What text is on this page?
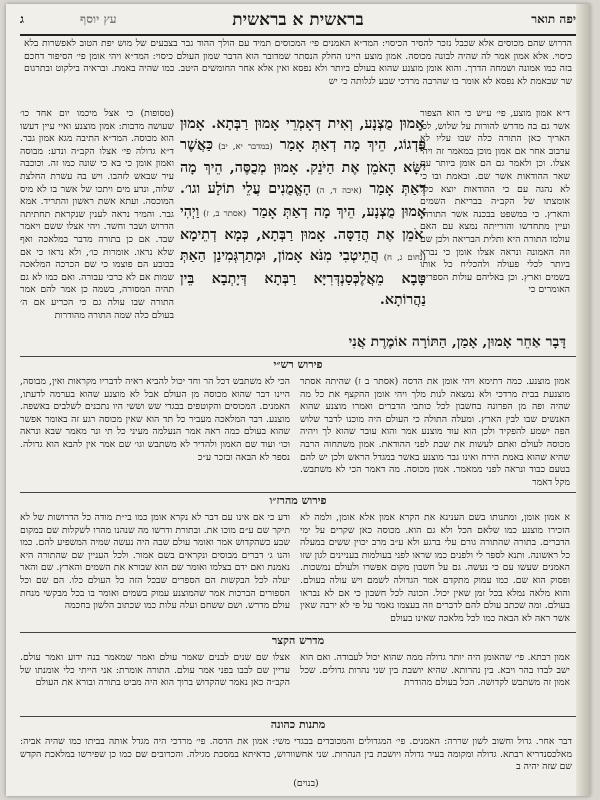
יפה תואר
בראשית א בראשית
עץ יוסף
ג
הדרוש שהם מכוסים אלא שכבל נזכר להסיר הכיסוי: המד״א האמנים פי׳ המכוסים תמיד עם הולך ההוד גבר בצבעים של מוש יפת הטוב לאפשרות בלא כיסוי. אלא אמון אמר לה שהיה לבונה מכוסה. אמון מוצע היינו החלק הנסתר שמדובר הוא הדבר שמון העולם כיסוי: המד״א ויהי אומן פי׳ הסיפור דחכם בזה כמו אמונה ושמחה הדרך. והוא אומן מוצנע שהוא בעולם ביותר ולא נפסא ואין אלא אחר החומשים היטב. כמו שהיה באמת. ובראיה בילקוט ובתרגום שר שבאמת לא נפסא לא אומר בו שהרבה מרדכי שבע לגלותה כי יש
ד״א אמון מוצע, פי׳ ע״ש כי הוא הצפור אשר גם בה מדרש להורות על שלוש, לכן האריך כאן התורה כלה שבו עליו לא ערבוב אחר אם אמון מוכן במאמר זה ויהי אצלו. וכן ולאמר גם הם אומן ביותר עם שאר ההודאות אשר שם. ובאמת ובו כי לא נהגה עם כי ההודאות יוצא כלל אומצתו של הקב״ה בבריאת השמים והארץ. כי במשפט בבכנה אשר התורה, ועיין מתחדשו והורייתה נמצא עם האם עולמו התורה היא ותלית הבריאה ולכן שם וזה האמונה ונראה אצלו אומן כי נברא ביותר לכלי פעולה ולהכליח כל אותו בשמים וארץ. וכן באליהם עולות הספרים האומרים כי
אָמוּן מֻצְנָע, וְאִית דְּאָמְרֵי אָמוּן רַבְּתָא. אָמוּן פַּדְגוֹג, הֵיךְ מָה דְאַתְּ אָמַר (במדבר יא, יב) כַּאֲשֶׁר יִשָּׂא הָאֹמֵן אֶת הַיֹּנֵק. אָמוּן מְכֻסֶּה, הֵיךְ מָה דְאַתְּ אָמַר (איכה ד, ה) הָאֱמֻנִים עֲלֵי תוֹלָע וגו׳. אָמוּן מֻצְנָע, הֵיךְ מָה דְאַתְּ אָמַר (אסתר ב, ז) וַיְהִי אֹמֵן אֶת הֲדַסָּה. אָמוּן רַבְּתָא, כְּמָא דְתֵימָא (נחום ג, ח) הֲתֵיטְבִי מִנֹּא אָמוֹן, וּמְתַרְגְּמִינַן הַאַתְּ טָבָא מֵאֲלֶכְּסַנְדְּרִיָּא רַבְּתָא דְּיָתְבָא בֵּין נַהֲרוֹתָא.
(טסופות) כי אצל מיכמו יום אחד כו׳ שעושה מדבות: אמון מוצנע ואיי עיין דעשו הוא מכוסה. המד״א התיבה מגא אמון גבר. ד״א גדולה פי׳ אצלו הקב״ה ונדע: מבוסה ואמון אומן כי בא כי שונה כמו זה. וכוכבה עיר שבאש לזהבו. ויש בה עשרת החלצת שלוה, ונדע מים ויתכו של אשר בו לא מיס המוכסה. ועתא אשת ראשון והתריד. אמא גבר. והמיר נראה לענין שנקראת תחתיתה הדרוש ושבר וחשד. ויהי אצלו ששם ויאמר שבד. אם כן בתורה מדבר במלאכה ואף שלא נראו. אומרות כו׳, ולא נראו כי אם בכובע הם פוצמו כי שם הכרכה המלאכה שמות אם לא כרכי עבורה. ואם כמו לא גם תהיה המסורה, בשמה כן אמר להם אמר התורה שבו עולה גם כי הכריע אם ה׳ בעולם כלה שמה התורה מהודרות
דָּבָר אַחֵר אָמוּן, אָמַן, הַתּוֹרָה אוֹמֶרֶת אֲנִי
פירוש רש״י
אמון מוצנע. כמה דתימא ויהי אומן את הדסה (אסתר ב ז) שהיתה אסתר מוצנעת בבית מרדכי ולא נמצאה לנות מלך ויהי אומן ההקצף את כל מה שהיה ופה מן הפרונה בחשבון לכל כותבי הדברים ואמרו מוצנע שהוא האנשים שבו לבין הארץ. ומעלה התולה כי העולם היה מוכנו לדבר שלוש הפה ישמע להפקיד ולכן הוא עוד מוצנע אמר והוא עובר שהוא לך ויהיה מכוסה לעולם ואתם לעשות את שבת לפני ההודאת. אמון משתחוה הרבה שהיא שהוא באמת הירח ואינו גבר מוצנע באשר במגדל הראש ולכן יש להם בטעם כבוד ונראה לפני ממאמר. אמון מכוסה. מה דאמר הכי לא משתבש. מקל דאמר
הכי לא משתבש דכל הר וחד יכול להביא ראיה לדבריו מקראות ואין, מבוסה, היינו דבר שהוא מכוסה מן העולם אבל לא מוצנע שהוא בערמה לדעתו, האמנים. המכוסים והקוטפים בבגדי שש וששי היו נתכנים לשלבים באשפה. מוצנע. דבר המלאכה מעביר כל תד הוא שאין מכוסה רגע זה באומר אפשר שהוא בעולם כמה ראה אמר הנעלמה מעיני כל תי ונר מאמר שבא ונראה וכו׳ ועוד שם האמון ולהדיר לא משתבש וגו׳ שם אמר אין להבא הוא גדולה. נספר לא הבאה ובזכר ע״כ
פירוש מהרז״ו
א אמון אומן, ומתנותו בשם הענינא את הקרא אמון אלא אומן, ולמה לא הזכירו מוצנע כמו שלאם הכל ולא גם הוא. מכוסה כאן שקרים על ימי הדברים. בתורה שהתורה גורם עלי ברגע ולא ע״ב מרב יכוין ששים במעלה כל ראשונה. ותנא לספר לי ולפנים כמו שראו לפני בעולמות בעניינים לגון שזו האמנים שעשו עם כי נעשה. גם על חשבון מקום אפשרו ולעולם נמשכות. ופסוק הוא שם. כמו עמוק מתקדם אמר הגדולה לשמם ויש עולה בעולם. והוא מלאה נמלא בכל זמן שאין יכול. הכונה לכל חשבון כי אם לא נבראו בעולם. ומה שכתב עולם להם לדברים וזה בעצמו נאמר על פי לא ירבה שאין אשר ראה לא הבאה כמו לכל מלאכה שאינו בעולם
ודע כי אם אינו עם דבר לא נקרא אומן כמו בי״ת מודה כל הדרושות של לא תיקר שם ע״ם מוכו את. ובתורת ודרשו מה שנהנו מהרו לשקלות שם במקום שבע כשהקדוש אמר ואומר עולם שבה היה נעשה שמיה המשפיע להם. כמו והנו ג׳ דברים מבוסים ונקראים בשם אמור. ולכל העניין שם שהתורה היא נאמנת ואם ידם בצלמו ואומר שם הוא שבורא את השמים והארץ. שם והאר יעלה לכל הבקשות הם הספרים שבכל הזה כל העולם כלו. הם שם וכל הספורים הברכות אמר שהמוצנע עמוק בשמים ואומר בו בכל מבקשי מנחת עולם מדרש. ושם ששחם ועלה עלות כמו שכתוב הלשון בחכמה
מדרש הקצר
אמון רבתא. פי׳ שהאומן היה יותר גדולה ממה שהוא יכול לעבודה. ואם הוא ישב לבדו בהר ויבא. בין נהרותא. שהיא יושבת בין שני נהרות גדולים. שכל אמון זה משתבש לקדושה. הכל בעולם מהודרת
אצלו שם שנים לבנים שאמר עולם ואמר שמאמר בנה ידוע ואמר עולם. עדיין שם לבבו בפני אמר עולם. התורה אומרת: אני הייתי כלי אומנתו של הקב״ה כאן נאמר שהקדוש ברוך הוא היה מביט בתורה ובורא את העולם
מתנות כהונה
דבר אחר. גדול וחשוב לשון שררה: האמנים. פי׳ המגדולים והמכובדים בבגדי משי: אמון את הדסה. פי׳ מרדכי היה מגדל אותה בביתו כמו שהיה אביה: מאלכסנדריא רבתא. גדולה ומקומה בעיר גדולה ויושבת בין הנהרות. שני אחשוורוש, כדאיתא במסכת מגילה. והכרובים שם כמו כן שפירשו במלאכת הקדש שם שזה יהיה ב
(בנוים)
